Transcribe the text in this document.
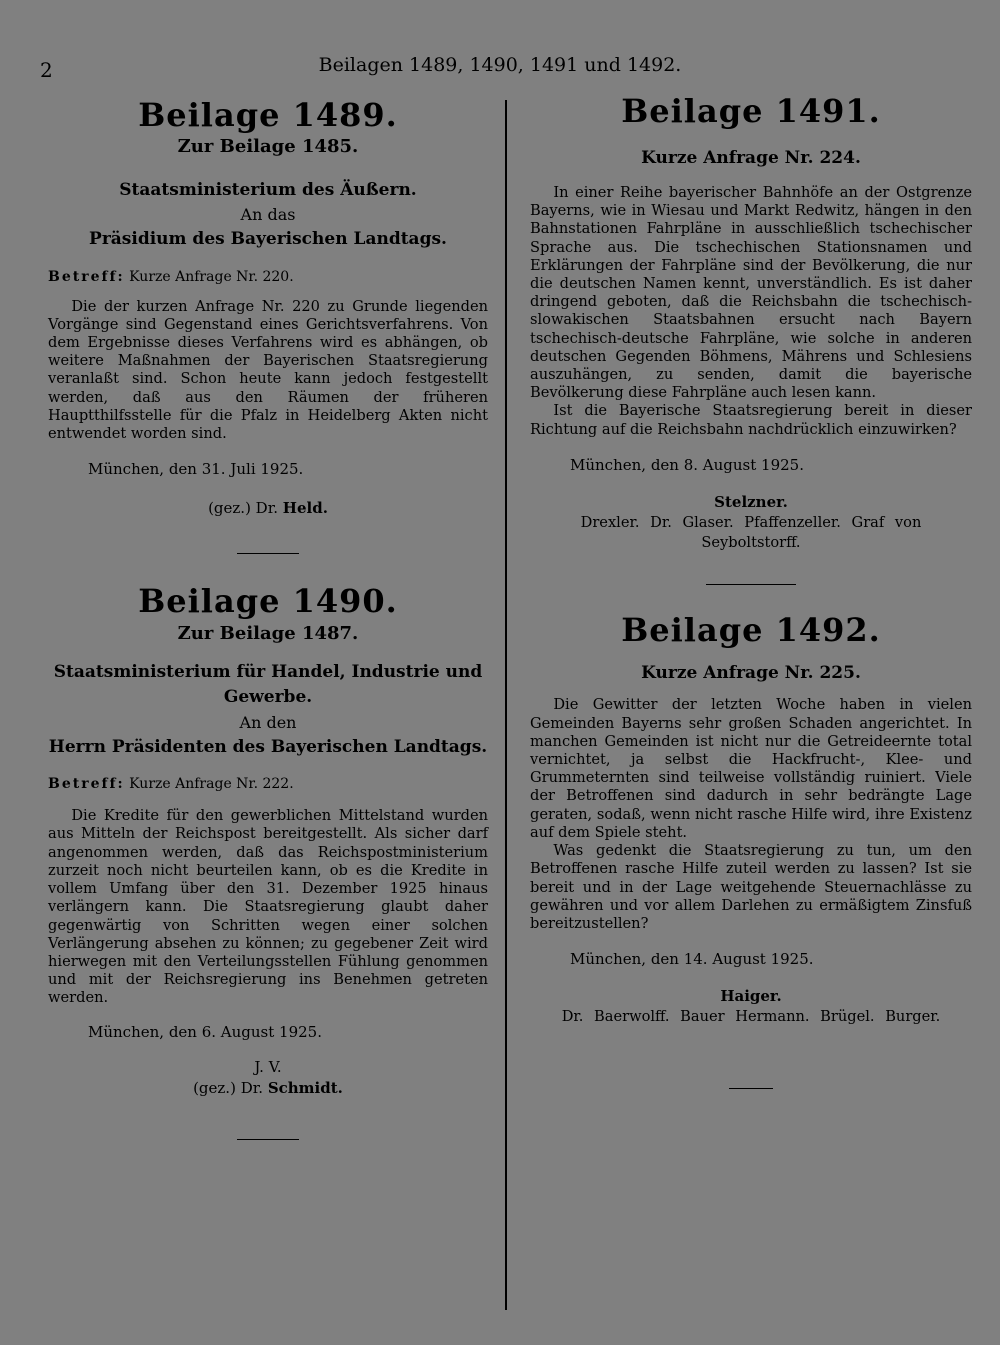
2	Beilagen 1489, 1490, 1491 und 1492.
Beilage 1489.

Zur Beilage 1485.

Staatsministerium des Äußern.

An das

Präsidium des Bayerischen Landtags.

Betreff: Kurze Anfrage Nr. 220.

Die der kurzen Anfrage Nr. 220 zu Grunde liegenden Vorgänge sind Gegenstand eines Gerichtsverfahrens. Von dem Ergebnisse dieses Verfahrens wird es abhängen, ob weitere Maßnahmen der Bayerischen Staatsregierung veranlaßt sind. Schon heute kann jedoch festgestellt werden, daß aus den Räumen der früheren Hauptthilfsstelle für die Pfalz in Heidelberg Akten nicht entwendet worden sind.

München, den 31. Juli 1925.

(gez.) Dr. Held.

Beilage 1490.

Zur Beilage 1487.

Staatsministerium für Handel, Industrie und Gewerbe.

An den

Herrn Präsidenten des Bayerischen Landtags.

Betreff: Kurze Anfrage Nr. 222.

Die Kredite für den gewerblichen Mittelstand wurden aus Mitteln der Reichspost bereitgestellt. Als sicher darf angenommen werden, daß das Reichspostministerium zurzeit noch nicht beurteilen kann, ob es die Kredite in vollem Umfang über den 31. Dezember 1925 hinaus verlängern kann. Die Staatsregierung glaubt daher gegenwärtig von Schritten wegen einer solchen Verlängerung absehen zu können; zu gegebener Zeit wird hierwegen mit den Verteilungsstellen Fühlung genommen und mit der Reichsregierung ins Benehmen getreten werden.

München, den 6. August 1925.

J. V.

(gez.) Dr. Schmidt.

Beilage 1491.

Kurze Anfrage Nr. 224.

In einer Reihe bayerischer Bahnhöfe an der Ostgrenze Bayerns, wie in Wiesau und Markt Redwitz, hängen in den Bahnstationen Fahrpläne in ausschließlich tschechischer Sprache aus. Die tschechischen Stationsnamen und Erklärungen der Fahrpläne sind der Bevölkerung, die nur die deutschen Namen kennt, unverständlich. Es ist daher dringend geboten, daß die Reichsbahn die tschechisch-slowakischen Staatsbahnen ersucht nach Bayern tschechisch-deutsche Fahrpläne, wie solche in anderen deutschen Gegenden Böhmens, Mährens und Schlesiens auszuhängen, zu senden, damit die bayerische Bevölkerung diese Fahrpläne auch lesen kann.

Ist die Bayerische Staatsregierung bereit in dieser Richtung auf die Reichsbahn nachdrücklich einzuwirken?

München, den 8. August 1925.

Stelzner.

Drexler. Dr. Glaser. Pfaffenzeller. Graf von Seyboltstorff.

Beilage 1492.

Kurze Anfrage Nr. 225.

Die Gewitter der letzten Woche haben in vielen Gemeinden Bayerns sehr großen Schaden angerichtet. In manchen Gemeinden ist nicht nur die Getreideernte total vernichtet, ja selbst die Hackfrucht-, Klee- und Grummeternten sind teilweise vollständig ruiniert. Viele der Betroffenen sind dadurch in sehr bedrängte Lage geraten, sodaß, wenn nicht rasche Hilfe wird, ihre Existenz auf dem Spiele steht.

Was gedenkt die Staatsregierung zu tun, um den Betroffenen rasche Hilfe zuteil werden zu lassen? Ist sie bereit und in der Lage weitgehende Steuernachlässe zu gewähren und vor allem Darlehen zu ermäßigtem Zinsfuß bereitzustellen?

München, den 14. August 1925.

Haiger.

Dr. Baerwolff. Bauer Hermann. Brügel. Burger.
